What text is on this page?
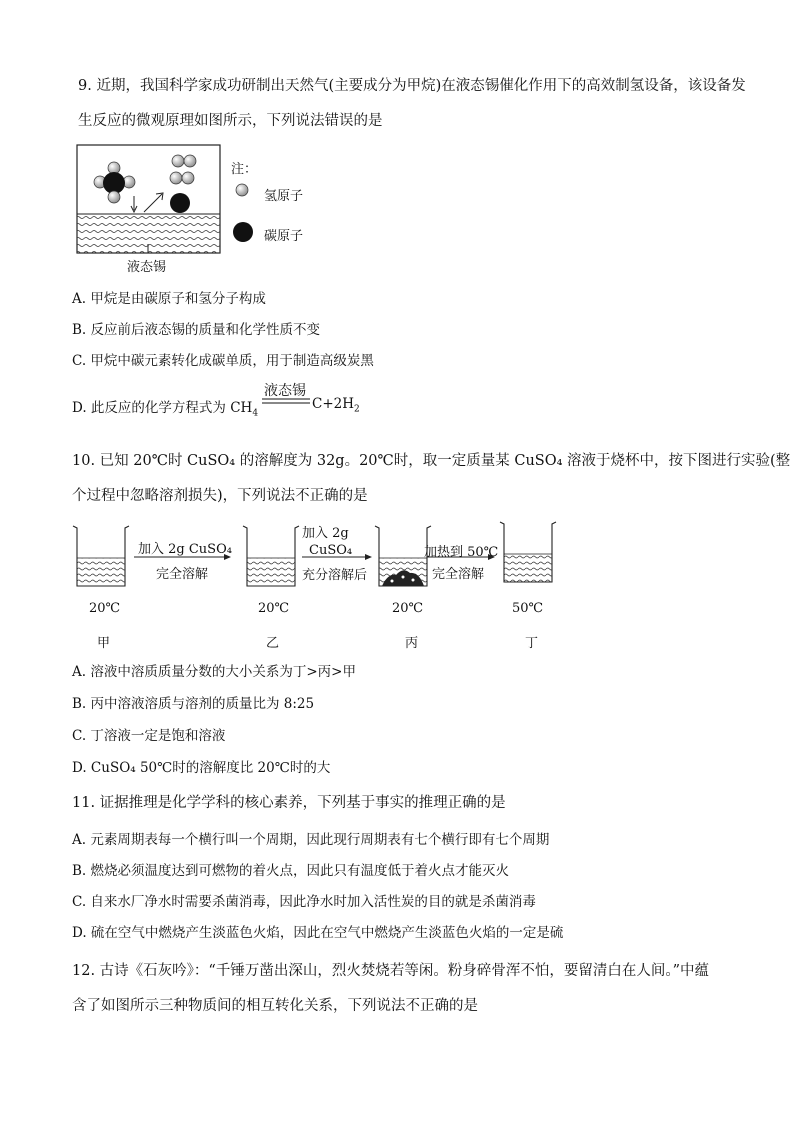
9. 近期，我国科学家成功研制出天然气(主要成分为甲烷)在液态锡催化作用下的高效制氢设备，该设备发
生反应的微观原理如图所示，下列说法错误的是
液态锡
注：
氢原子
碳原子
A. 甲烷是由碳原子和氢分子构成
B. 反应前后液态锡的质量和化学性质不变
C. 甲烷中碳元素转化成碳单质，用于制造高级炭黑
D. 此反应的化学方程式为 $CH_4$
液态锡
$C+2H_2$
10. 已知 20℃时 CuSO₄ 的溶解度为 32g。20℃时，取一定质量某 CuSO₄ 溶液于烧杯中，按下图进行实验(整
个过程中忽略溶剂损失)，下列说法不正确的是
加入 2g CuSO₄
完全溶解
加入 2g
CuSO₄
充分溶解后
加热到 50℃
完全溶解
20℃	20℃	20℃	50℃
甲	乙	丙	丁
A. 溶液中溶质质量分数的大小关系为丁>丙>甲
B. 丙中溶液溶质与溶剂的质量比为 8:25
C. 丁溶液一定是饱和溶液
D. CuSO₄ 50℃时的溶解度比 20℃时的大
11. 证据推理是化学学科的核心素养，下列基于事实的推理正确的是
A. 元素周期表每一个横行叫一个周期，因此现行周期表有七个横行即有七个周期
B. 燃烧必须温度达到可燃物的着火点，因此只有温度低于着火点才能灭火
C. 自来水厂净水时需要杀菌消毒，因此净水时加入活性炭的目的就是杀菌消毒
D. 硫在空气中燃烧产生淡蓝色火焰，因此在空气中燃烧产生淡蓝色火焰的一定是硫
12. 古诗《石灰吟》：“千锤万凿出深山，烈火焚烧若等闲。粉身碎骨浑不怕，要留清白在人间。”中蕴
含了如图所示三种物质间的相互转化关系，下列说法不正确的是
